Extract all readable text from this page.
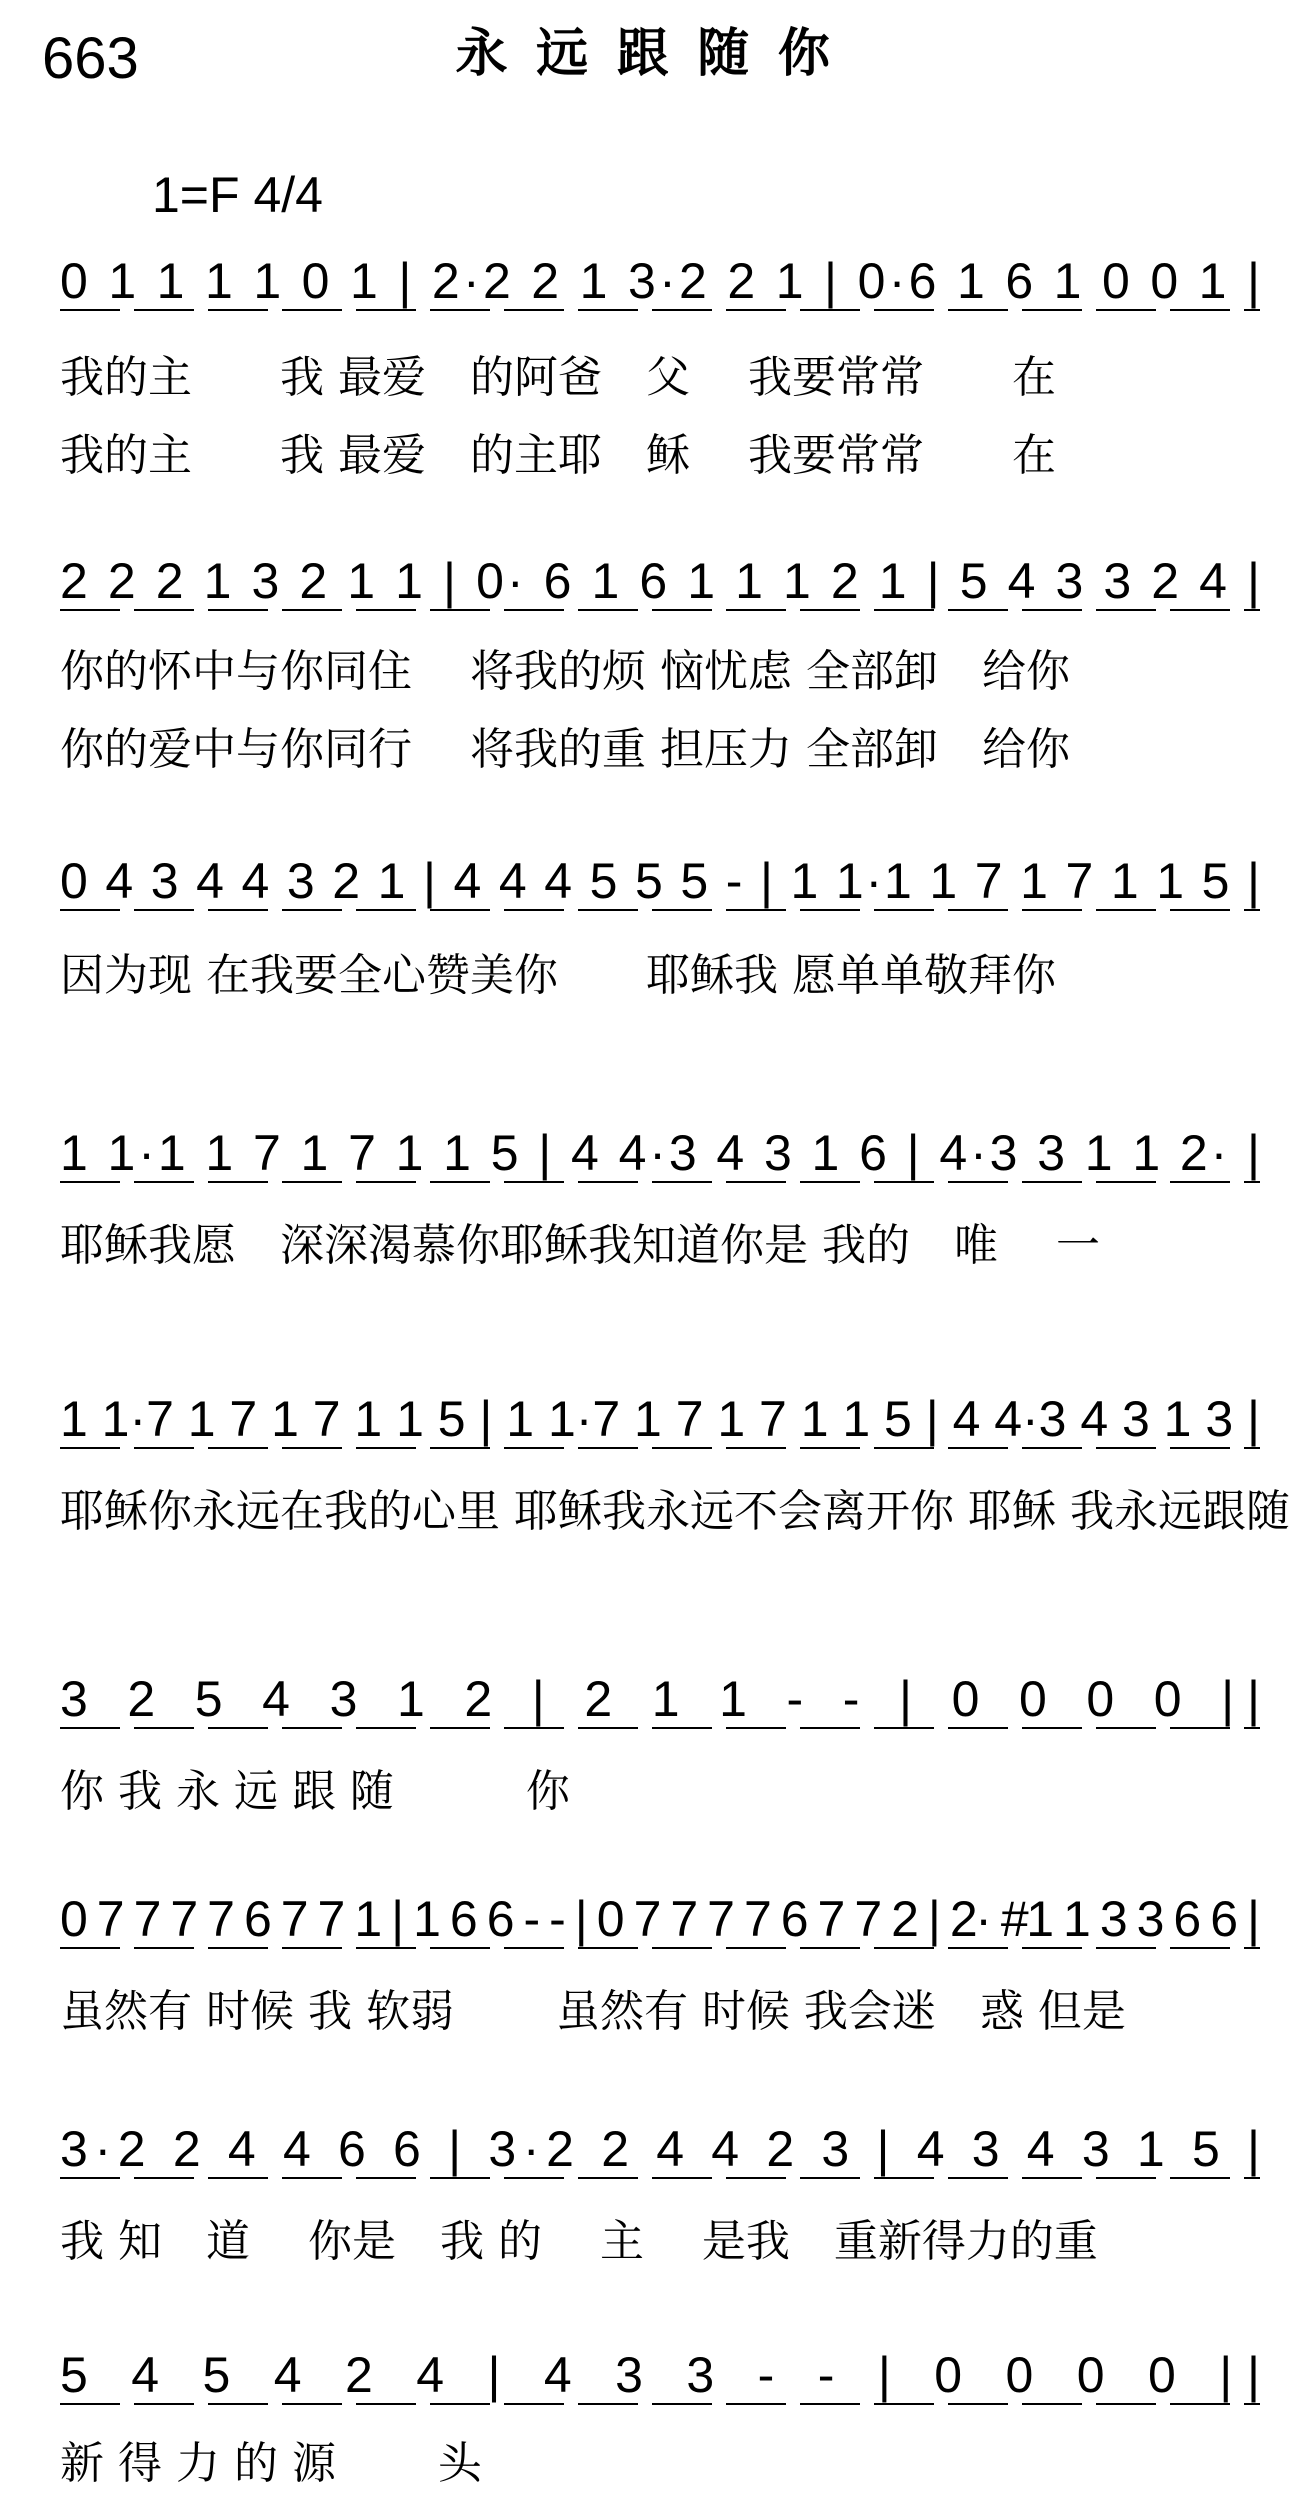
663	永远跟随你
1=F 4/4
0 1 1 1 1 0 1 | 2·2 2 1 3·2 2 1 | 0·6 1 6 1 0 0 1 |
我的主　　我 最爱　的阿爸　父　 我要常常　　在
我的主　　我 最爱　的主耶　稣　 我要常常　　在
2 2 2 1 3 2 1 1 | 0· 6 1 6 1 1 1 2 1 | 5 4 3 3 2 4 |
你的怀中与你同住　 将我的烦 恼忧虑 全部卸　给你
你的爱中与你同行　 将我的重 担压力 全部卸　给你
0 4 3 4 4 3 2 1 | 4 4 4 5 5 5 - | 1 1·1 1 7 1 7 1 1 5 |
因为现 在我要全心赞美你　　耶稣我 愿单单敬拜你
1 1·1 1 7 1 7 1 1 5 | 4 4·3 4 3 1 6 | 4·3 3 1 1 2· |
耶稣我愿　深深渴慕你耶稣我知道你是 我的　唯　 一
1 1·7 1 7 1 7 1 1 5 | 1 1·7 1 7 1 7 1 1 5 | 4 4·3 4 3 1 3 |
耶稣你永远在我的心里 耶稣我永远不会离开你 耶稣 我永远跟随
3 2 5 4 3 1 2 | 2 1 1 - - | 0 0 0 0 ||
你 我 永 远 跟 随　　　你
0 7 7 7 7 6 7 7 1 | 1 6 6 - - | 0 7 7 7 7 6 7 7 2 | 2· #1 1 3 3 6 6 |
虽然有 时候 我 软弱　　 虽然有 时候 我会迷　惑 但是
3·2 2 4 4 6 6 | 3·2 2 4 4 2 3 | 4 3 4 3 1 5 |
我 知　道　 你是　我 的　 主　 是我　重新得力的重
5 4 5 4 2 4 | 4 3 3 - - | 0 0 0 0 ||
新 得 力 的 源　　 头
